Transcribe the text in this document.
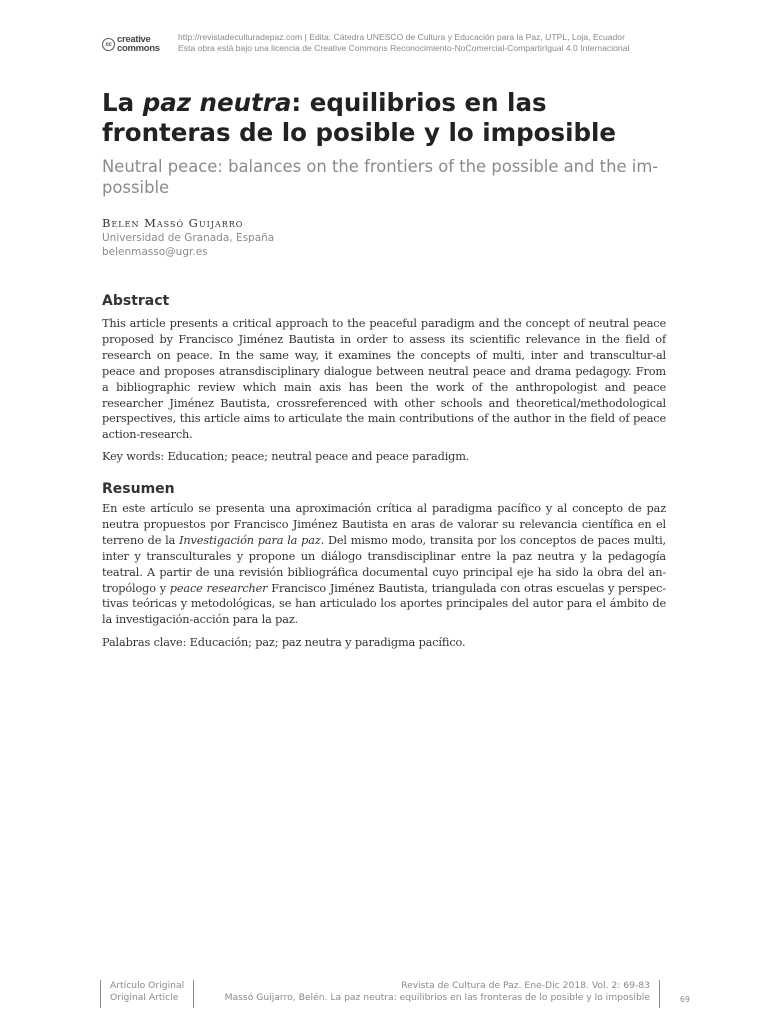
cc creative
commons
http://revistadeculturadepaz.com | Edita: Cátedra UNESCO de Cultura y Educación para la Paz, UTPL, Loja, Ecuador
Esta obra está bajo una licencia de Creative Commons Reconocimiento-NoComercial-CompartirIgual 4.0 Internacional
La paz neutra: equilibrios en las fronteras de lo posible y lo imposible

Neutral peace: balances on the frontiers of the possible and the im-possible

Belen Massó Guijarro
Universidad de Granada, España
belenmasso@ugr.es
Abstract

This article presents a critical approach to the peaceful paradigm and the concept of neutral peace proposed by Francisco Jiménez Bautista in order to assess its scientific relevance in the field of research on peace. In the same way, it examines the concepts of multi, inter and transcultur-al peace and proposes atransdisciplinary dialogue between neutral peace and drama pedagogy. From a bibliographic review which main axis has been the work of the anthropologist and peace researcher Jiménez Bautista, crossreferenced with other schools and theoretical/methodological perspectives, this article aims to articulate the main contributions of the author in the field of peace action-research.

Key words: Education; peace; neutral peace and peace paradigm.

Resumen

En este artículo se presenta una aproximación crítica al paradigma pacífico y al concepto de paz neutra propuestos por Francisco Jiménez Bautista en aras de valorar su relevancia científica en el terreno de la Investigación para la paz. Del mismo modo, transita por los conceptos de paces multi, inter y transculturales y propone un diálogo transdisciplinar entre la paz neutra y la pedagogía teatral. A partir de una revisión bibliográfica documental cuyo principal eje ha sido la obra del an-tropólogo y peace researcher Francisco Jiménez Bautista, triangulada con otras escuelas y perspec-tivas teóricas y metodológicas, se han articulado los aportes principales del autor para el ámbito de la investigación-acción para la paz.

Palabras clave: Educación; paz; paz neutra y paradigma pacífico.

Artículo Original
Original Article
Revista de Cultura de Paz. Ene-Dic 2018. Vol. 2: 69-83
Massó Guijarro, Belén. La paz neutra: equilibrios en las fronteras de lo posible y lo imposible	69
